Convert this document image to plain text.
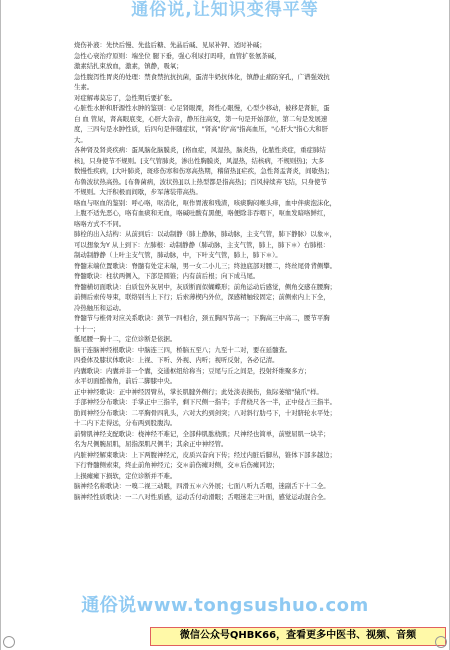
通俗说,让知识变得平等
烧伤补液：先快后慢、先盐后糖、先晶后碱、见尿补钾、适时补碱；
急性心衰治疗原则：端坐位 腿下垂，强心利尿打吗啡，血管扩张氨茶碱，
激素结扎束放血，激素，镇静，吸氧；
急性腹泻性胃炎的处理：禁食禁抗抗抗菌，蛋清牛奶抗体化，镇静止痛防穿孔，广谱强效抗
生素。
对症解毒莫忘了，急性期后要扩张。
心脏性水肿和肝源性水肿的鉴别：心足肾眼溧，肾性心眼慢，心型少移动，被移是肾脏，蛋
白 血 管尿，肾高眼底变，心肝大杂音，静压往高变，第一句是开始部位，第二句是发展速
度，三四句是水肿性质，后四句是伴随症状，"肾高"的"高"指高血压，"心肝大"指心大和肝
大。
各种肾及肾炎疾病：蛋风脑化脑膜炎，[格血症，风湿热，脑炎热，化脓性炎症，重症肺结
核]，只身使节不规则。[支气管肺炎，渗出性胸膜炎，风湿热，结核病，不规则热]；大多
数慢性疾病，[大叶肺炎，斑疹伤寒和伤寒高热期，稽留热][疟疾，急性肾盂肾炎，间歇热]；
布鲁波状热高热。[布鲁菌病，波状热][以上热型都是指高热]；百风持续弃飞结，只身使节
不规则。大汗积极而间歇，步军薄装带高热。
咯血与呕血的鉴别：呼心咯，呕消化，呕作胃液和残渣，咳痰胸闷喉头痒，血中伴痰泡沫化，
上腹不适先恶心，咯有血痰和无血，咯碱吐酸有黑便，咯便除非吞咽下，呕血发暗咯鲜红，
咯咯方式不不同。
肺栓的出入结构：从前到后：以动制静（肺上静脉，肺动脉，主支气管，肺下静脉）以象＊，
可以想象为Y 从上到下：左肺根：动制静静（肺动脉，主支气管，肺上，肺下＊）右肺根：
制动制静静（上叶主支气管，肺动脉，中，下叶支气管，肺上，肺下＊）。
脊髓末端位置歌诀：脊髓有处定末端，男一女二小儿三；终池底部对腰二，终丝尾骨背侧攀。
脊髓歌诀：柱状两侧入，下部是圆锥；内有前后根；向下成马尾。
脊髓横切面歌诀：白质包外灰居中，灰质断面似蝴蝶形；前角运动后感觉，侧角交感在腰胸；
前侧后索传导束，联络别当上下行；后索薄楔内外位，深感精触较固定；前侧索内上下全，
冷热触压和运动。
脊髓节与椎骨对应关系歌诀：颈节一四相合，颈五胸四节高一；下胸高三中高二，腰节平胸
十十一；
骶尾腰一胸十二，定位诊断是依据。
脑干连脑神经根歌诀：中脑连三四，桥脑五至八；九至十二对，要在延髓查。
四叠体及膝状体歌诀：上视、下听、外视、内听；视听反射，各必记清。
内囊歌诀：内囊并非一个囊，交通枢纽给称当；豆尾与丘之间是，投射纤维聚多方；
水平切面酷像角，前后二脚膝中央。
正中神经歌诀：正中神经因臂丛，掌长肌腱外侧行；此处淡表损伤，鱼际萎缩"猿爪"样。
手部神经分布歌诀：手掌正中三指半，剩下尺侧一指半；手背桡尺各一半，正中侵占三指半。
肋间神经分布歌诀：二平胸骨四乳头，六对大约到剑突；八对斜行肋弓下，十对脐轮水平处；
十二内下走得远，分布两到股腹沟。
前臂肌神经支配歌诀：桡神经不难记，全部伸肌肱桡肌；尺神经也简单，前壁屈肌一块半；
名为尺侧腕屈肌，屈指深肌尺侧半；其余正中神经管。
内脏神经解束歌诀：上下两腹神经元，皮质兴奋向下传；经过内脏后脚丛，锥体下部多越边；
下行脊髓侧索束，终止前角神经元；交＊前伤瘫对侧，交＊后伤瘫同边；
上损瘫瘫下损软，定位诊断并不难。
脑神经名称歌诀：一嗅二视三动眼，四滑五＊六外展；七面八听九舌咽，迷副舌下十二全。
脑神经性质歌诀：一二八对性质感，运动舌付动滑眼；舌咽迷走三叶面，感觉运动混合全。
通俗说www.tongsushuo.com
微信公众号QHBK66，查看更多中医书、视频、音频
